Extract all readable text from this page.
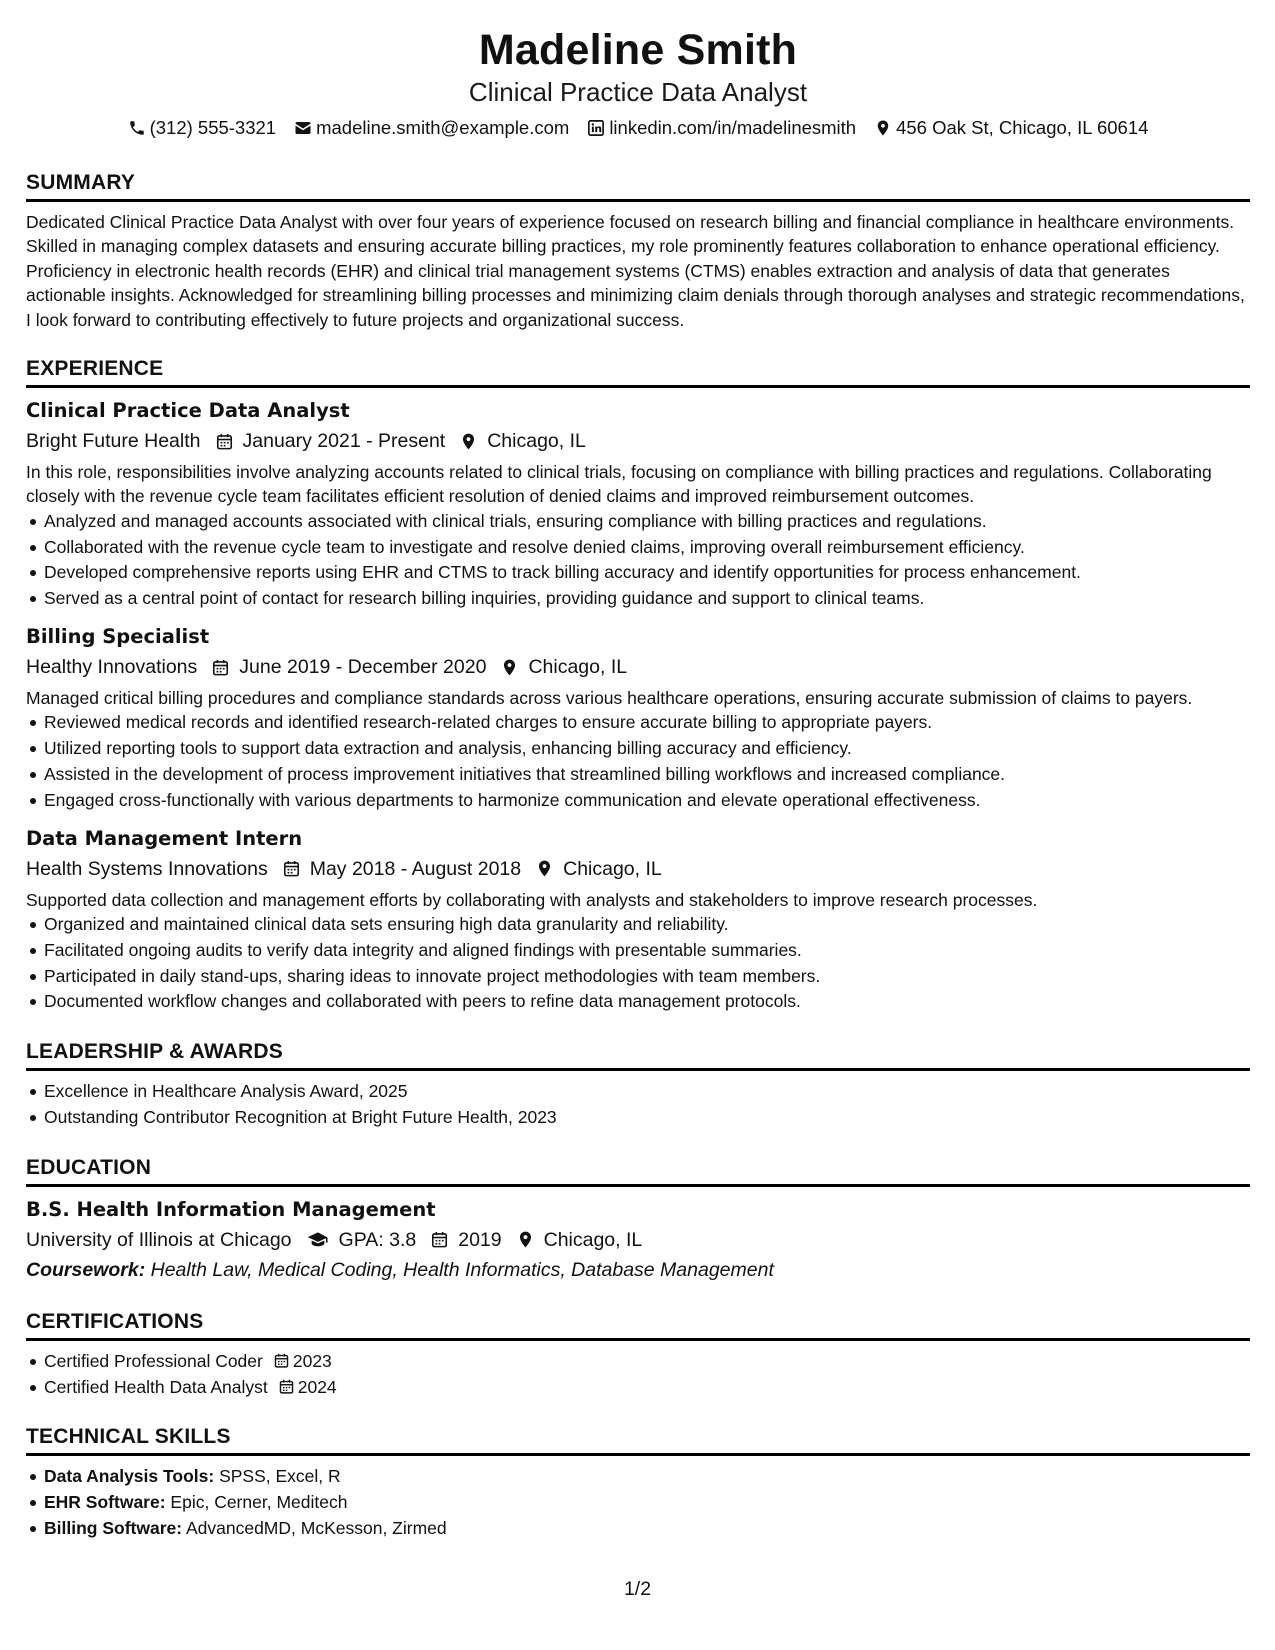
Madeline Smith
Clinical Practice Data Analyst
(312) 555-3321 madeline.smith@example.com linkedin.com/in/madelinesmith 456 Oak St, Chicago, IL 60614
SUMMARY
Dedicated Clinical Practice Data Analyst with over four years of experience focused on research billing and financial compliance in healthcare environments. Skilled in managing complex datasets and ensuring accurate billing practices, my role prominently features collaboration to enhance operational efficiency. Proficiency in electronic health records (EHR) and clinical trial management systems (CTMS) enables extraction and analysis of data that generates actionable insights. Acknowledged for streamlining billing processes and minimizing claim denials through thorough analyses and strategic recommendations, I look forward to contributing effectively to future projects and organizational success.
EXPERIENCE
Clinical Practice Data Analyst
Bright Future Health January 2021 - Present Chicago, IL
In this role, responsibilities involve analyzing accounts related to clinical trials, focusing on compliance with billing practices and regulations. Collaborating closely with the revenue cycle team facilitates efficient resolution of denied claims and improved reimbursement outcomes.
Analyzed and managed accounts associated with clinical trials, ensuring compliance with billing practices and regulations.
Collaborated with the revenue cycle team to investigate and resolve denied claims, improving overall reimbursement efficiency.
Developed comprehensive reports using EHR and CTMS to track billing accuracy and identify opportunities for process enhancement.
Served as a central point of contact for research billing inquiries, providing guidance and support to clinical teams.
Billing Specialist
Healthy Innovations June 2019 - December 2020 Chicago, IL
Managed critical billing procedures and compliance standards across various healthcare operations, ensuring accurate submission of claims to payers.
Reviewed medical records and identified research-related charges to ensure accurate billing to appropriate payers.
Utilized reporting tools to support data extraction and analysis, enhancing billing accuracy and efficiency.
Assisted in the development of process improvement initiatives that streamlined billing workflows and increased compliance.
Engaged cross-functionally with various departments to harmonize communication and elevate operational effectiveness.
Data Management Intern
Health Systems Innovations May 2018 - August 2018 Chicago, IL
Supported data collection and management efforts by collaborating with analysts and stakeholders to improve research processes.
Organized and maintained clinical data sets ensuring high data granularity and reliability.
Facilitated ongoing audits to verify data integrity and aligned findings with presentable summaries.
Participated in daily stand-ups, sharing ideas to innovate project methodologies with team members.
Documented workflow changes and collaborated with peers to refine data management protocols.
LEADERSHIP & AWARDS
Excellence in Healthcare Analysis Award, 2025
Outstanding Contributor Recognition at Bright Future Health, 2023
EDUCATION
B.S. Health Information Management
University of Illinois at Chicago GPA: 3.8 2019 Chicago, IL
Coursework: Health Law, Medical Coding, Health Informatics, Database Management
CERTIFICATIONS
Certified Professional Coder 2023
Certified Health Data Analyst 2024
TECHNICAL SKILLS
Data Analysis Tools: SPSS, Excel, R
EHR Software: Epic, Cerner, Meditech
Billing Software: AdvancedMD, McKesson, Zirmed
1/2
